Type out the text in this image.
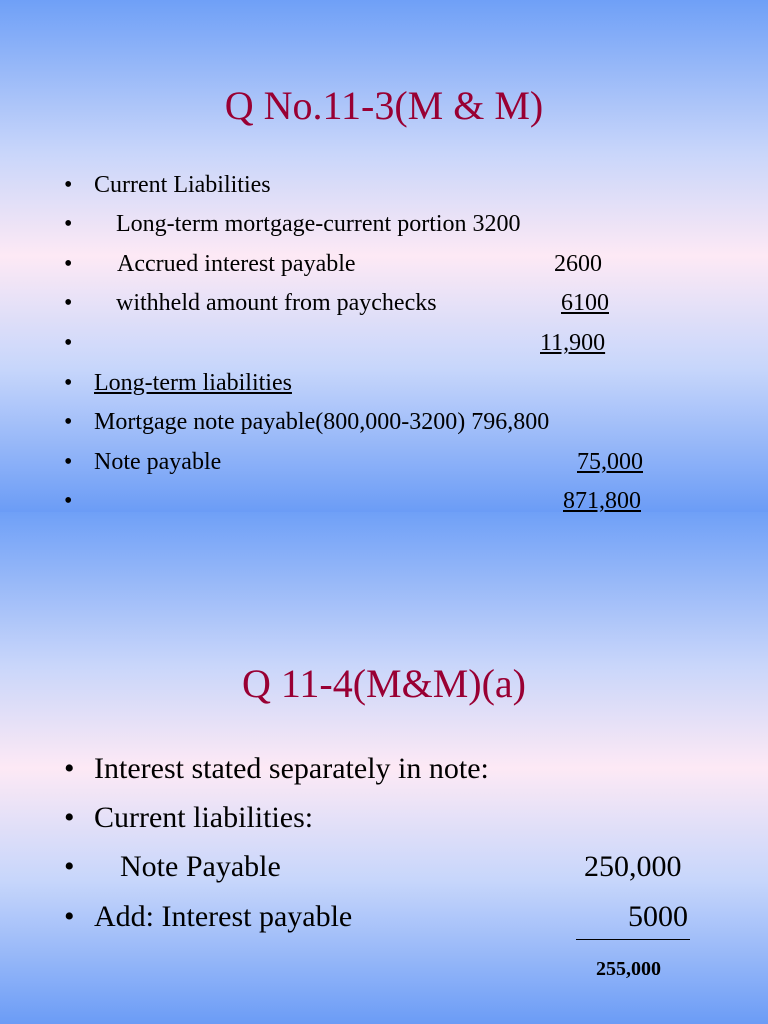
Q No.11-3(M & M)
• Current Liabilities
• Long-term mortgage-current portion 3200
• Accrued interest payable	2600
• withheld amount from paychecks	6100
•	11,900
• Long-term liabilities
• Mortgage note payable(800,000-3200) 796,800
• Note payable	75,000
•	871,800
Q 11-4(M&M)(a)
• Interest stated separately in note:
• Current liabilities:
• Note Payable	250,000
• Add: Interest payable	5000
255,000
